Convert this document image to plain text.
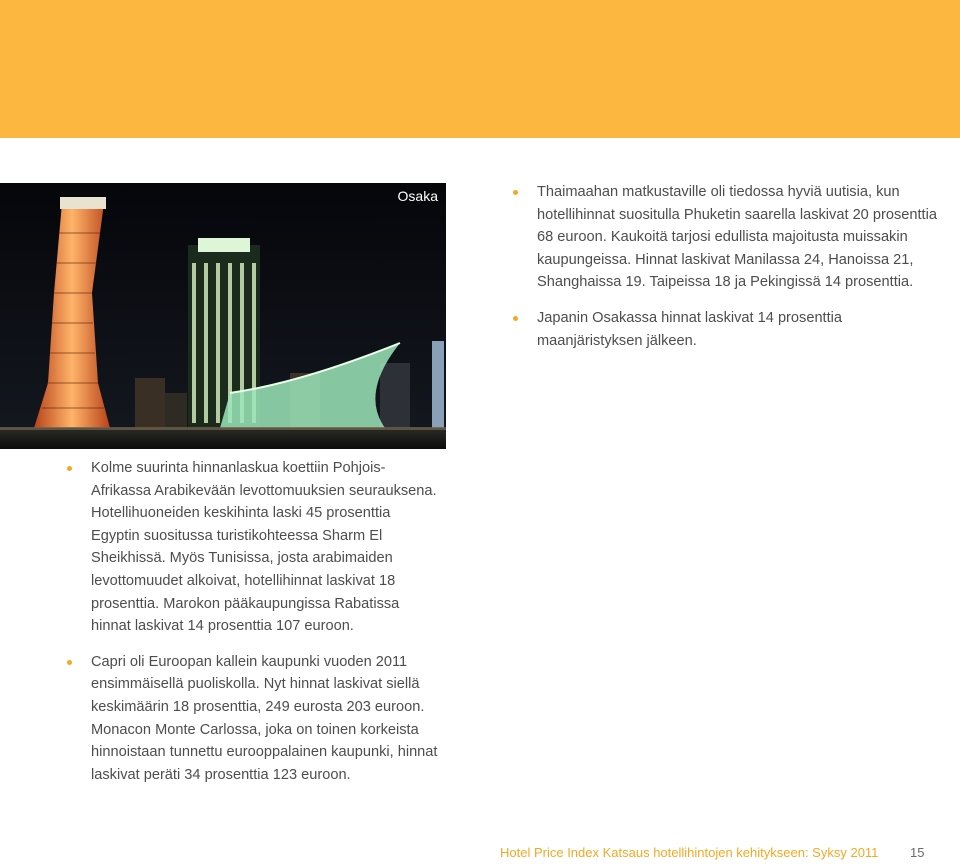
Osaka	Thaimaahan matkustaville oli tiedossa hyviä uutisia, kun hotellihinnat suositulla Phuketin saarella laskivat 20 prosenttia 68 euroon. Kaukoitä tarjosi edullista majoitusta muissakin kaupungeissa. Hinnat laskivat Manilassa 24, Hanoissa 21, Shanghaissa 19. Taipeissa 18 ja Pekingissä 14 prosenttia.
Japanin Osakassa hinnat laskivat 14 prosenttia maanjäristyksen jälkeen.
Kolme suurinta hinnanlaskua koettiin Pohjois-Afrikassa Arabikevään levottomuuksien seurauksena. Hotellihuoneiden keskihinta laski 45 prosenttia Egyptin suositussa turistikohteessa Sharm El Sheikhissä. Myös Tunisissa, josta arabimaiden levottomuudet alkoivat, hotellihinnat laskivat 18 prosenttia. Marokon pääkaupungissa Rabatissa hinnat laskivat 14 prosenttia 107 euroon.
Capri oli Euroopan kallein kaupunki vuoden 2011 ensimmäisellä puoliskolla. Nyt hinnat laskivat siellä keskimäärin 18 prosenttia, 249 eurosta 203 euroon. Monacon Monte Carlossa, joka on toinen korkeista hinnoistaan tunnettu eurooppalainen kaupunki, hinnat laskivat peräti 34 prosenttia 123 euroon.
Hotel Price Index Katsaus hotellihintojen kehitykseen: Syksy 2011 15
